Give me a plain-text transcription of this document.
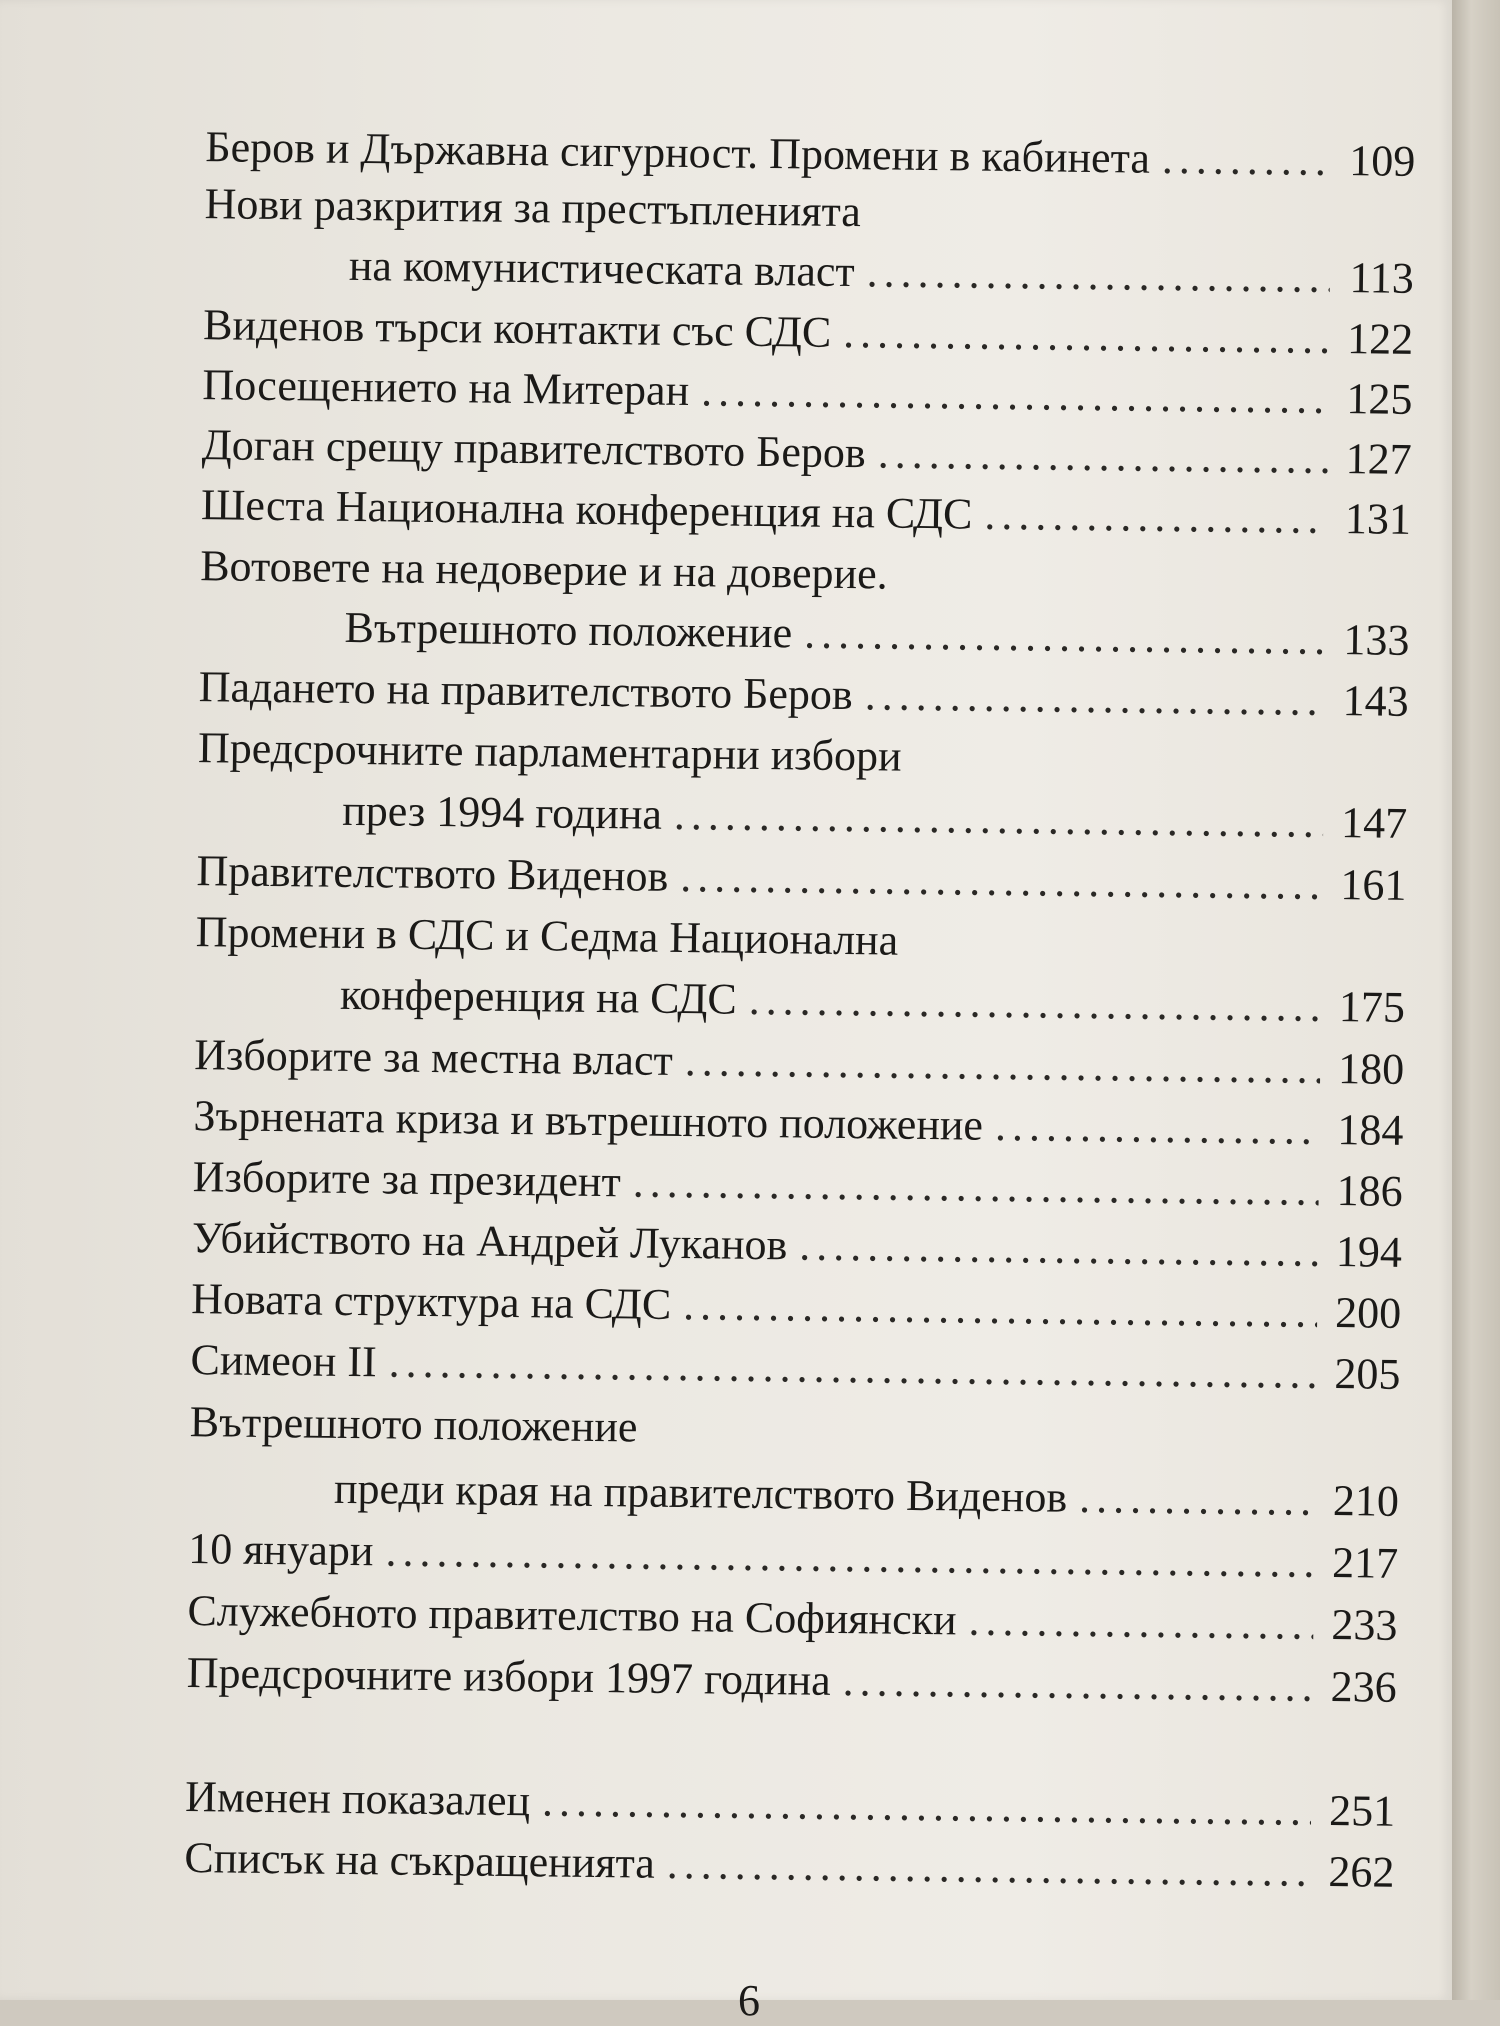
Беров и Държавна сигурност. Промени в кабинета .....	109
Нови разкрития за престъпленията
на комунистическата власт .....	113
Виденов търси контакти със СДС .....	122
Посещението на Митеран .....	125
Доган срещу правителството Беров .....	127
Шеста Национална конференция на СДС .....	131
Вотовете на недоверие и на доверие.
Вътрешното положение .....	133
Падането на правителството Беров .....	143
Предсрочните парламентарни избори
през 1994 година .....	147
Правителството Виденов .....	161
Промени в СДС и Седма Национална
конференция на СДС .....	175
Изборите за местна власт .....	180
Зърнената криза и вътрешното положение .....	184
Изборите за президент .....	186
Убийството на Андрей Луканов .....	194
Новата структура на СДС .....	200
Симеон II .....	205
Вътрешното положение
преди края на правителството Виденов .....	210
10 януари .....	217
Служебното правителство на Софиянски .....	233
Предсрочните избори 1997 година .....	236
Именен показалец .....	251
Списък на съкращенията .....	262
6
